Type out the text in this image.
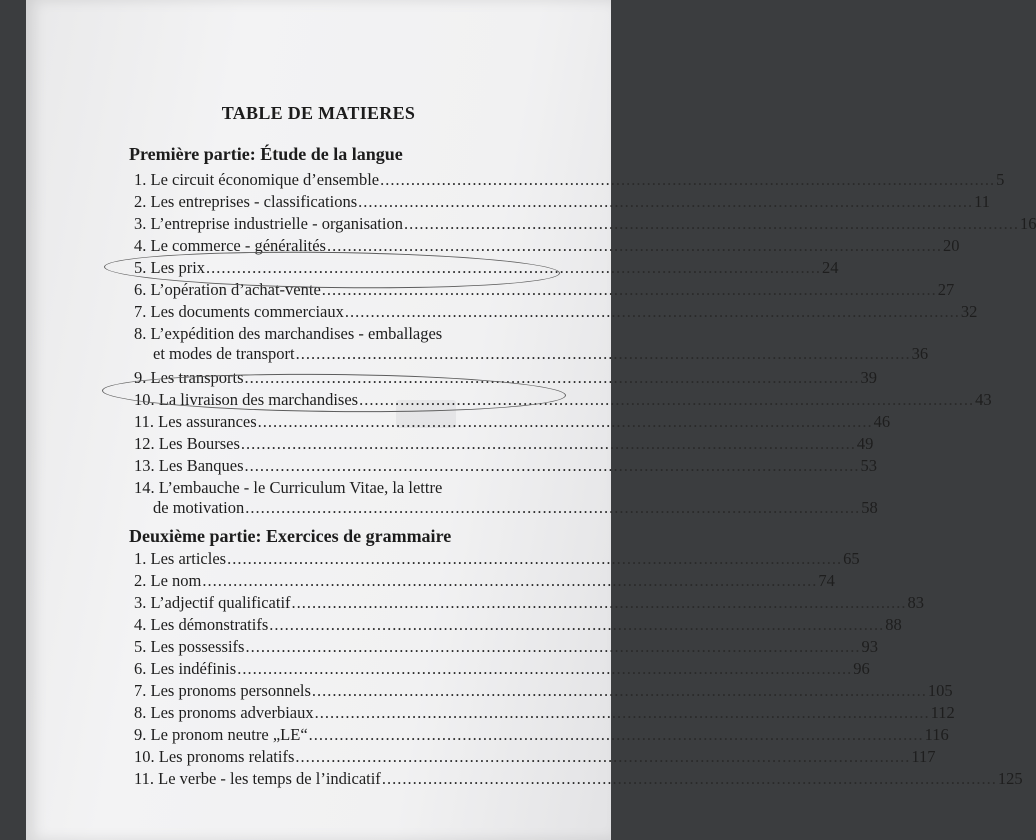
TABLE DE MATIERES
Première partie: Étude de la langue
1. Le circuit économique d’ensemble ........................................................................................................................ 5
2. Les entreprises - classifications ........................................................................................................................ 11
3. L’entreprise industrielle - organisation ........................................................................................................................ 16
4. Le commerce - généralités ........................................................................................................................ 20
5. Les prix ........................................................................................................................ 24
6. L’opération d’achat-vente ........................................................................................................................ 27
7. Les documents commerciaux ........................................................................................................................ 32
8. L’expédition des marchandises - emballages
et modes de transport ........................................................................................................................ 36
9. Les transports ........................................................................................................................ 39
10. La livraison des marchandises ........................................................................................................................ 43
11. Les assurances ........................................................................................................................ 46
12. Les Bourses ........................................................................................................................ 49
13. Les Banques ........................................................................................................................ 53
14. L’embauche - le Curriculum Vitae, la lettre
de motivation ........................................................................................................................ 58
Deuxième partie: Exercices de grammaire
1. Les articles ........................................................................................................................ 65
2. Le nom ........................................................................................................................ 74
3. L’adjectif qualificatif ........................................................................................................................ 83
4. Les démonstratifs ........................................................................................................................ 88
5. Les possessifs ........................................................................................................................ 93
6. Les indéfinis ........................................................................................................................ 96
7. Les pronoms personnels ........................................................................................................................ 105
8. Les pronoms adverbiaux ........................................................................................................................ 112
9. Le pronom neutre „LE“ ........................................................................................................................ 116
10. Les pronoms relatifs ........................................................................................................................ 117
11. Le verbe - les temps de l’indicatif ........................................................................................................................ 125
